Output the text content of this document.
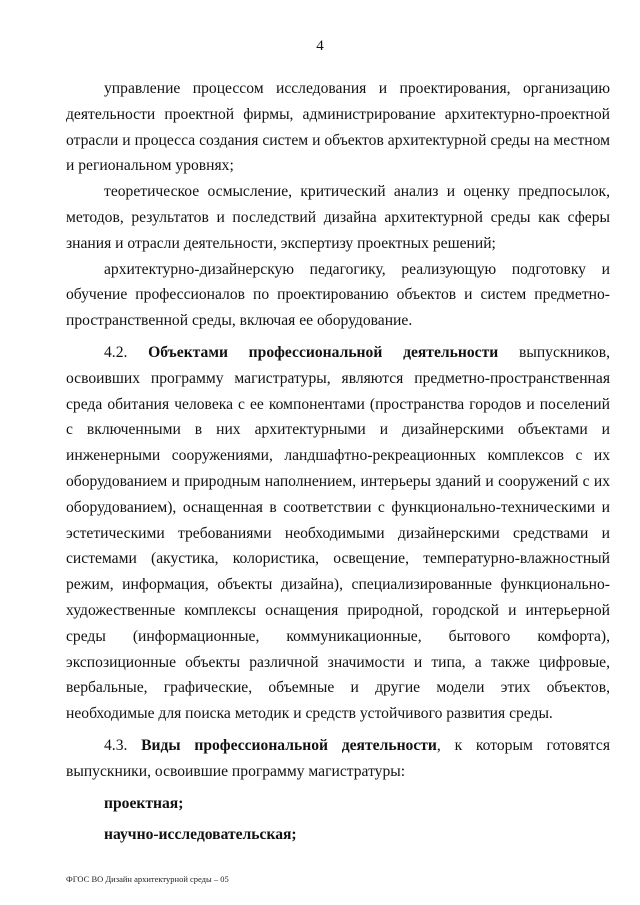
4

управление процессом исследования и проектирования, организацию деятельности проектной фирмы, администрирование архитектурно-проектной отрасли и процесса создания систем и объектов архитектурной среды на местном и региональном уровнях;

теоретическое осмысление, критический анализ и оценку предпосылок, методов, результатов и последствий дизайна архитектурной среды как сферы знания и отрасли деятельности, экспертизу проектных решений;

архитектурно-дизайнерскую педагогику, реализующую подготовку и обучение профессионалов по проектированию объектов и систем предметно-пространственной среды, включая ее оборудование.

4.2. Объектами профессиональной деятельности выпускников, освоивших программу магистратуры, являются предметно-пространственная среда обитания человека с ее компонентами (пространства городов и поселений с включенными в них архитектурными и дизайнерскими объектами и инженерными сооружениями, ландшафтно-рекреационных комплексов с их оборудованием и природным наполнением, интерьеры зданий и сооружений с их оборудованием), оснащенная в соответствии с функционально-техническими и эстетическими требованиями необходимыми дизайнерскими средствами и системами (акустика, колористика, освещение, температурно-влажностный режим, информация, объекты дизайна), специализированные функционально-художественные комплексы оснащения природной, городской и интерьерной среды (информационные, коммуникационные, бытового комфорта), экспозиционные объекты различной значимости и типа, а также цифровые, вербальные, графические, объемные и другие модели этих объектов, необходимые для поиска методик и средств устойчивого развития среды.

4.3. Виды профессиональной деятельности, к которым готовятся выпускники, освоившие программу магистратуры:

проектная;

научно-исследовательская;

ФГОС ВО Дизайн архитектурной среды – 05
